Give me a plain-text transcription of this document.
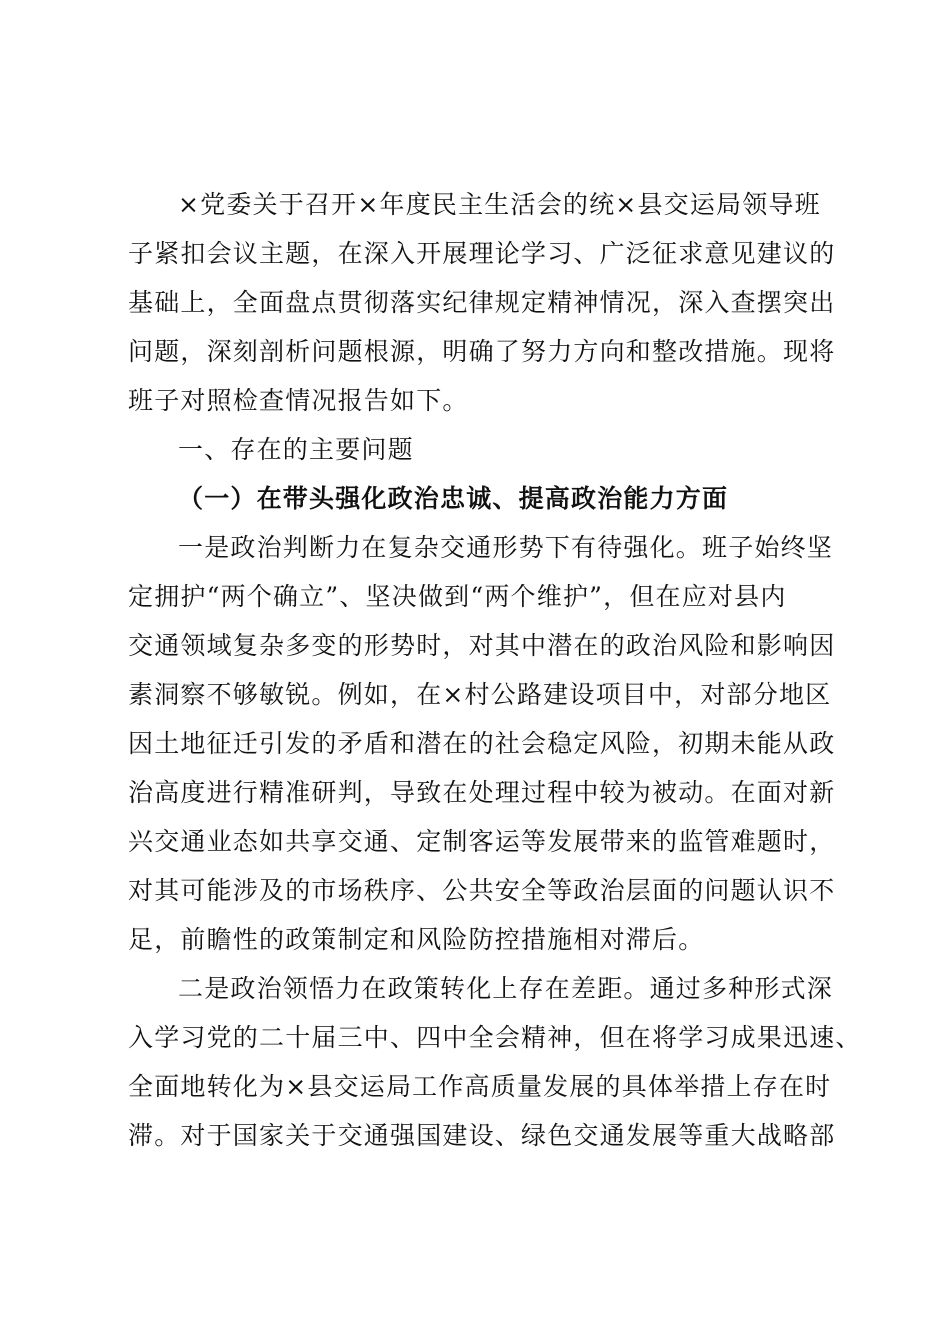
×党委关于召开×年度民主生活会的统×县交运局领导班
子紧扣会议主题，在深入开展理论学习、广泛征求意见建议的
基础上，全面盘点贯彻落实纪律规定精神情况，深入查摆突出
问题，深刻剖析问题根源，明确了努力方向和整改措施。现将
班子对照检查情况报告如下。
一、存在的主要问题
（一）在带头强化政治忠诚、提高政治能力方面
一是政治判断力在复杂交通形势下有待强化。班子始终坚
定拥护“两个确立”、坚决做到“两个维护”，但在应对县内
交通领域复杂多变的形势时，对其中潜在的政治风险和影响因
素洞察不够敏锐。例如，在×村公路建设项目中，对部分地区
因土地征迁引发的矛盾和潜在的社会稳定风险，初期未能从政
治高度进行精准研判，导致在处理过程中较为被动。在面对新
兴交通业态如共享交通、定制客运等发展带来的监管难题时，
对其可能涉及的市场秩序、公共安全等政治层面的问题认识不
足，前瞻性的政策制定和风险防控措施相对滞后。
二是政治领悟力在政策转化上存在差距。通过多种形式深
入学习党的二十届三中、四中全会精神，但在将学习成果迅速、
全面地转化为×县交运局工作高质量发展的具体举措上存在时
滞。对于国家关于交通强国建设、绿色交通发展等重大战略部
